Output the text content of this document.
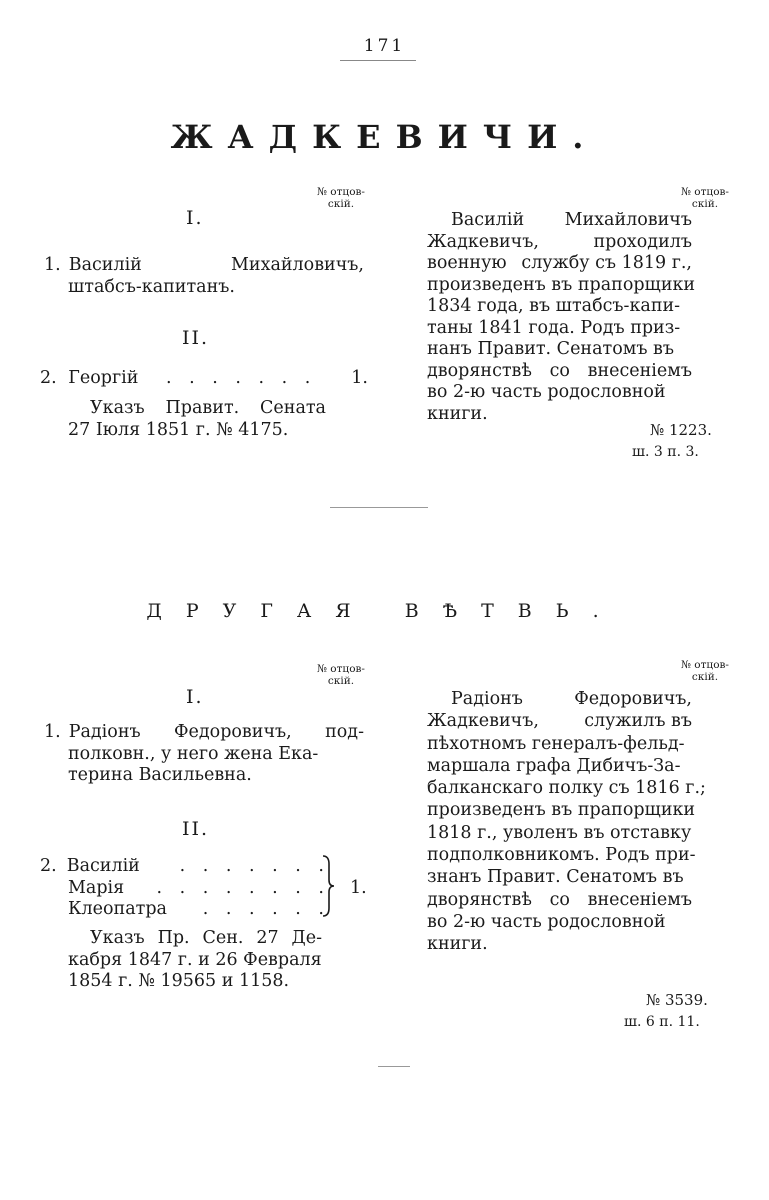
171
ЖАДКЕВИЧИ.
№ отцов-
скій.
I.
1. Василій	Михайловичъ,
штабсъ-капитанъ.
II.
2. Георгій . . . . . . . 1.
Указъ Правит. Сената
27 Іюля 1851 г. № 4175.
№ отцов-
скій.
Василій Михайловичъ
Жадкевичъ,	проходилъ
военную службу съ 1819 г.,
произведенъ въ прапорщики
1834 года, въ штабсъ-капи-
таны 1841 года. Родъ приз-
нанъ Правит. Сенатомъ въ
дворянствѣ со внесеніемъ
во 2-ю часть родословной
книги.
№ 1223.
ш. 3 п. 3.
ДРУГАЯ ВѢТВЬ.
№ отцов-
скій.
I.
1. Радіонъ Федоровичъ, под-
полковн., у него жена Ека-
терина Васильевна.
II.
2. Василій . . . . . . .
Марія . . . . . . . .
Клеопатра . . . . . .
1.
Указъ Пр. Сен. 27 Де-
кабря 1847 г. и 26 Февраля
1854 г. № 19565 и 1158.
№ отцов-
скій.
Радіонъ	Федоровичъ,
Жадкевичъ,	служилъ въ
пѣхотномъ генералъ-фельд-
маршала графа Дибичъ-За-
балканскаго полку съ 1816 г.;
произведенъ въ прапорщики
1818 г., уволенъ въ отставку
подполковникомъ. Родъ при-
знанъ Правит. Сенатомъ въ
дворянствѣ со внесеніемъ
во 2-ю часть родословной
книги.
№ 3539.
ш. 6 п. 11.
